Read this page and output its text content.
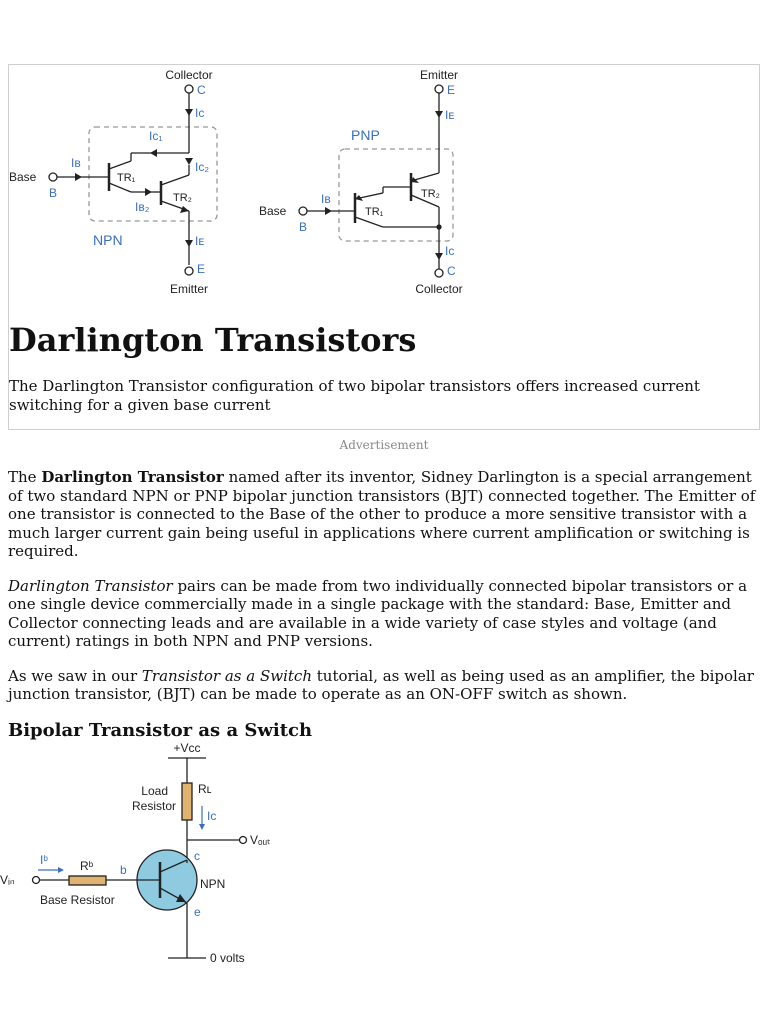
Collector
C
Iᴄ
Iᴄ₁
Iᴄ₂
Iʙ
Base
B
TR₁
TR₂
Iʙ₂
NPN	Iᴇ
E
Emitter
Emitter
E
Iᴇ
PNP
TR₂
Iʙ
TR₁
Base
B
Iᴄ
C
Collector
Darlington Transistors

The Darlington Transistor configuration of two bipolar transistors offers increased current switching for a given base current

Advertisement

The Darlington Transistor named after its inventor, Sidney Darlington is a special arrangement of two standard NPN or PNP bipolar junction transistors (BJT) connected together. The Emitter of one transistor is connected to the Base of the other to produce a more sensitive transistor with a much larger current gain being useful in applications where current amplification or switching is required.

Darlington Transistor pairs can be made from two individually connected bipolar transistors or a one single device commercially made in a single package with the standard: Base, Emitter and Collector connecting leads and are available in a wide variety of case styles and voltage (and current) ratings in both NPN and PNP versions.

As we saw in our Transistor as a Switch tutorial, as well as being used as an amplifier, the bipolar junction transistor, (BJT) can be made to operate as an ON-OFF switch as shown.

Bipolar Transistor as a Switch
+Vcc
Load
Resistor
Rʟ
Iᴄ
Vₒᵤₜ
c
b
NPN
e
Iᵇ	Rᵇ
Vᵢₙ
Base Resistor
0 volts
